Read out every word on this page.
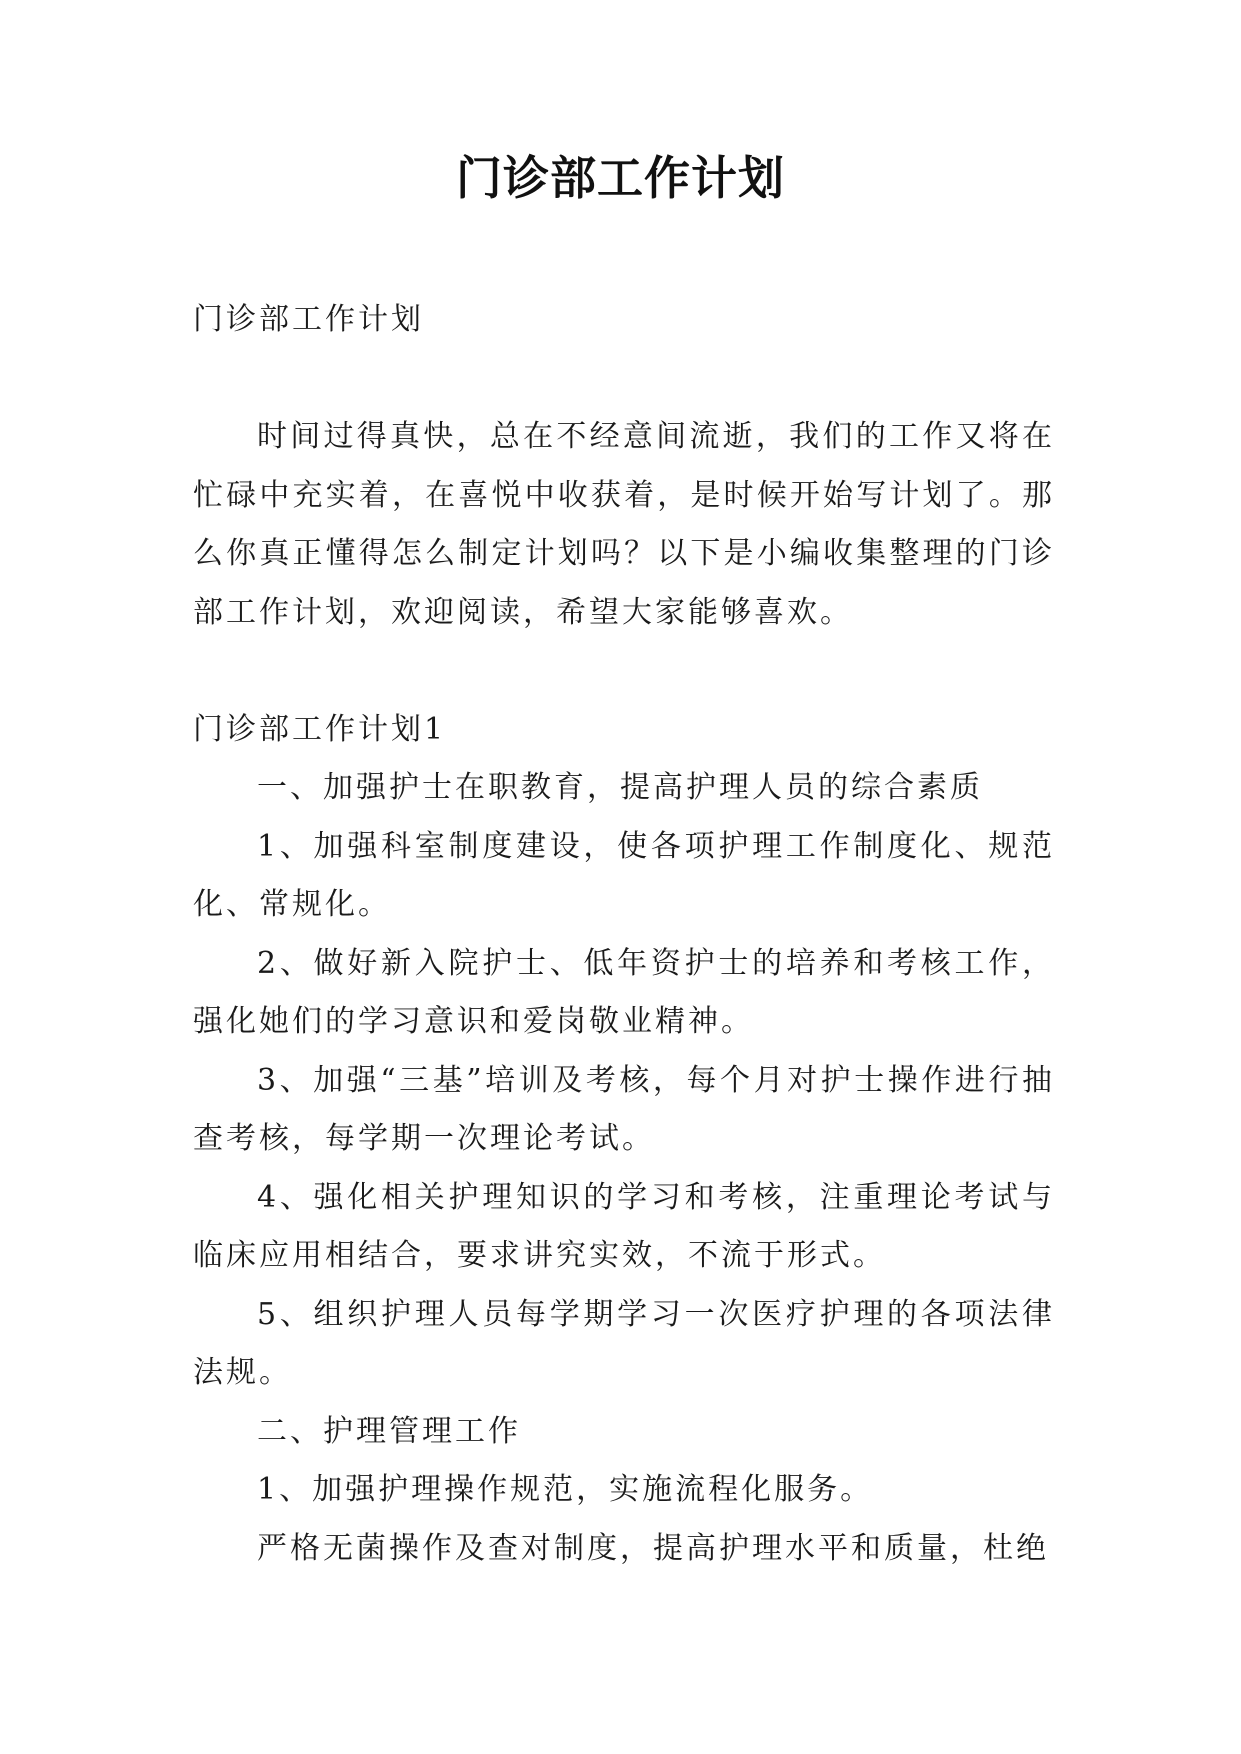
门诊部工作计划

门诊部工作计划

时间过得真快，总在不经意间流逝，我们的工作又将在忙碌中充实着，在喜悦中收获着，是时候开始写计划了。那么你真正懂得怎么制定计划吗？以下是小编收集整理的门诊部工作计划，欢迎阅读，希望大家能够喜欢。

门诊部工作计划1

一、加强护士在职教育，提高护理人员的综合素质

1、加强科室制度建设，使各项护理工作制度化、规范化、常规化。

2、做好新入院护士、低年资护士的培养和考核工作，强化她们的学习意识和爱岗敬业精神。

3、加强“三基”培训及考核，每个月对护士操作进行抽查考核，每学期一次理论考试。

4、强化相关护理知识的学习和考核，注重理论考试与临床应用相结合，要求讲究实效，不流于形式。

5、组织护理人员每学期学习一次医疗护理的各项法律法规。

二、护理管理工作

1、加强护理操作规范，实施流程化服务。

严格无菌操作及查对制度，提高护理水平和质量，杜绝
